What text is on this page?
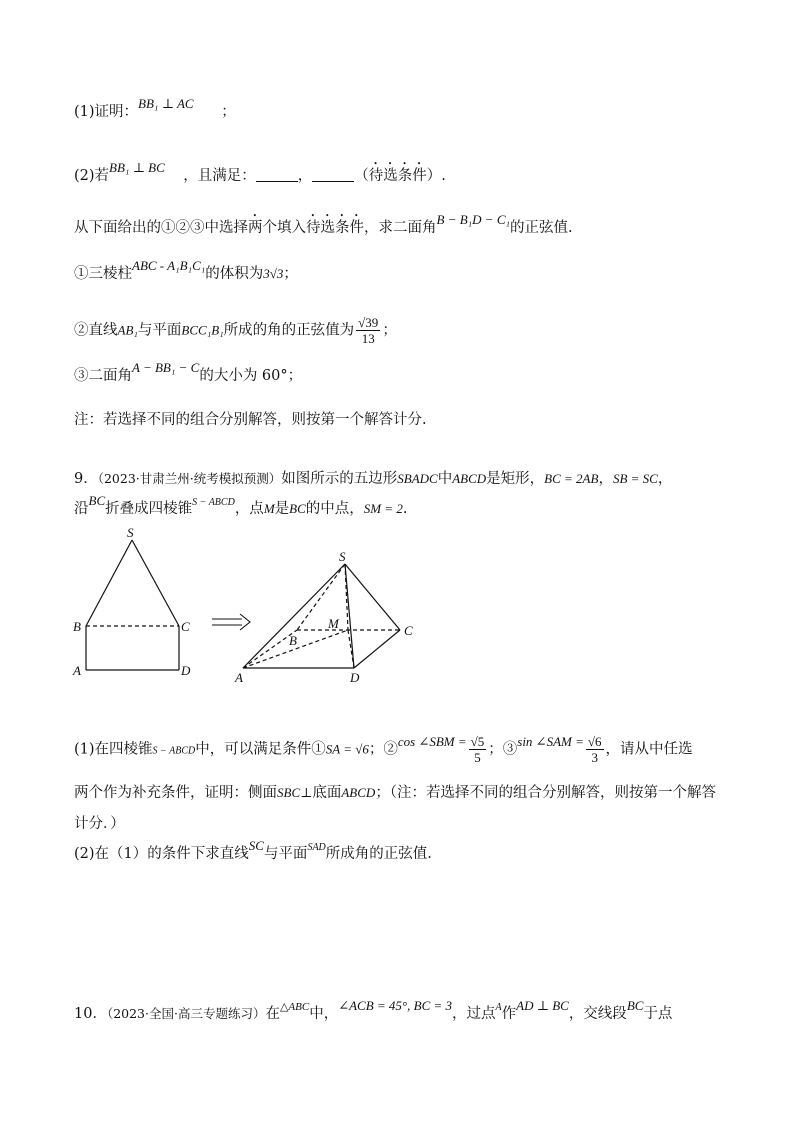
(1)证明：BB₁ ⊥ AC      ；
(2)若BB₁ ⊥ BC    ，且满足：	，	（待选条件）.
从下面给出的①②③中选择两个填入待选条件，求二面角B − B₁D − C₁的正弦值.
①三棱柱ABC - A₁B₁C₁的体积为3√3；
②直线AB₁与平面BCC₁B₁所成的角的正弦值为 $\frac{√39}{13}$ ；
③二面角A − BB₁ − C的大小为 60°；
注：若选择不同的组合分别解答，则按第一个解答计分.
9．（2023·甘肃兰州·统考模拟预测）如图所示的五边形SBADC中ABCD是矩形，BC = 2AB，SB = SC，
沿BC折叠成四棱锥$^{S - ABCD}$，点M是BC的中点，SM = 2.
S
B	C
A	D
S
M
B
C
A	D
(1)在四棱锥S − ABCD中，可以满足条件①SA = √6；②cos ∠SBM = $\frac{√5}{5}$ ；③sin ∠SAM = $\frac{√6}{3}$ ，请从中任选
两个作为补充条件，证明：侧面SBC⊥底面ABCD；（注：若选择不同的组合分别解答，则按第一个解答
计分．）
(2)在（1）的条件下求直线SC与平面$^{SAD}$所成角的正弦值.
10．（2023·全国·高三专题练习）在$^{\triangle ABC}$中，∠ACB = 45°, BC = 3，过点$^A$作AD ⊥ BC，交线段BC于点
